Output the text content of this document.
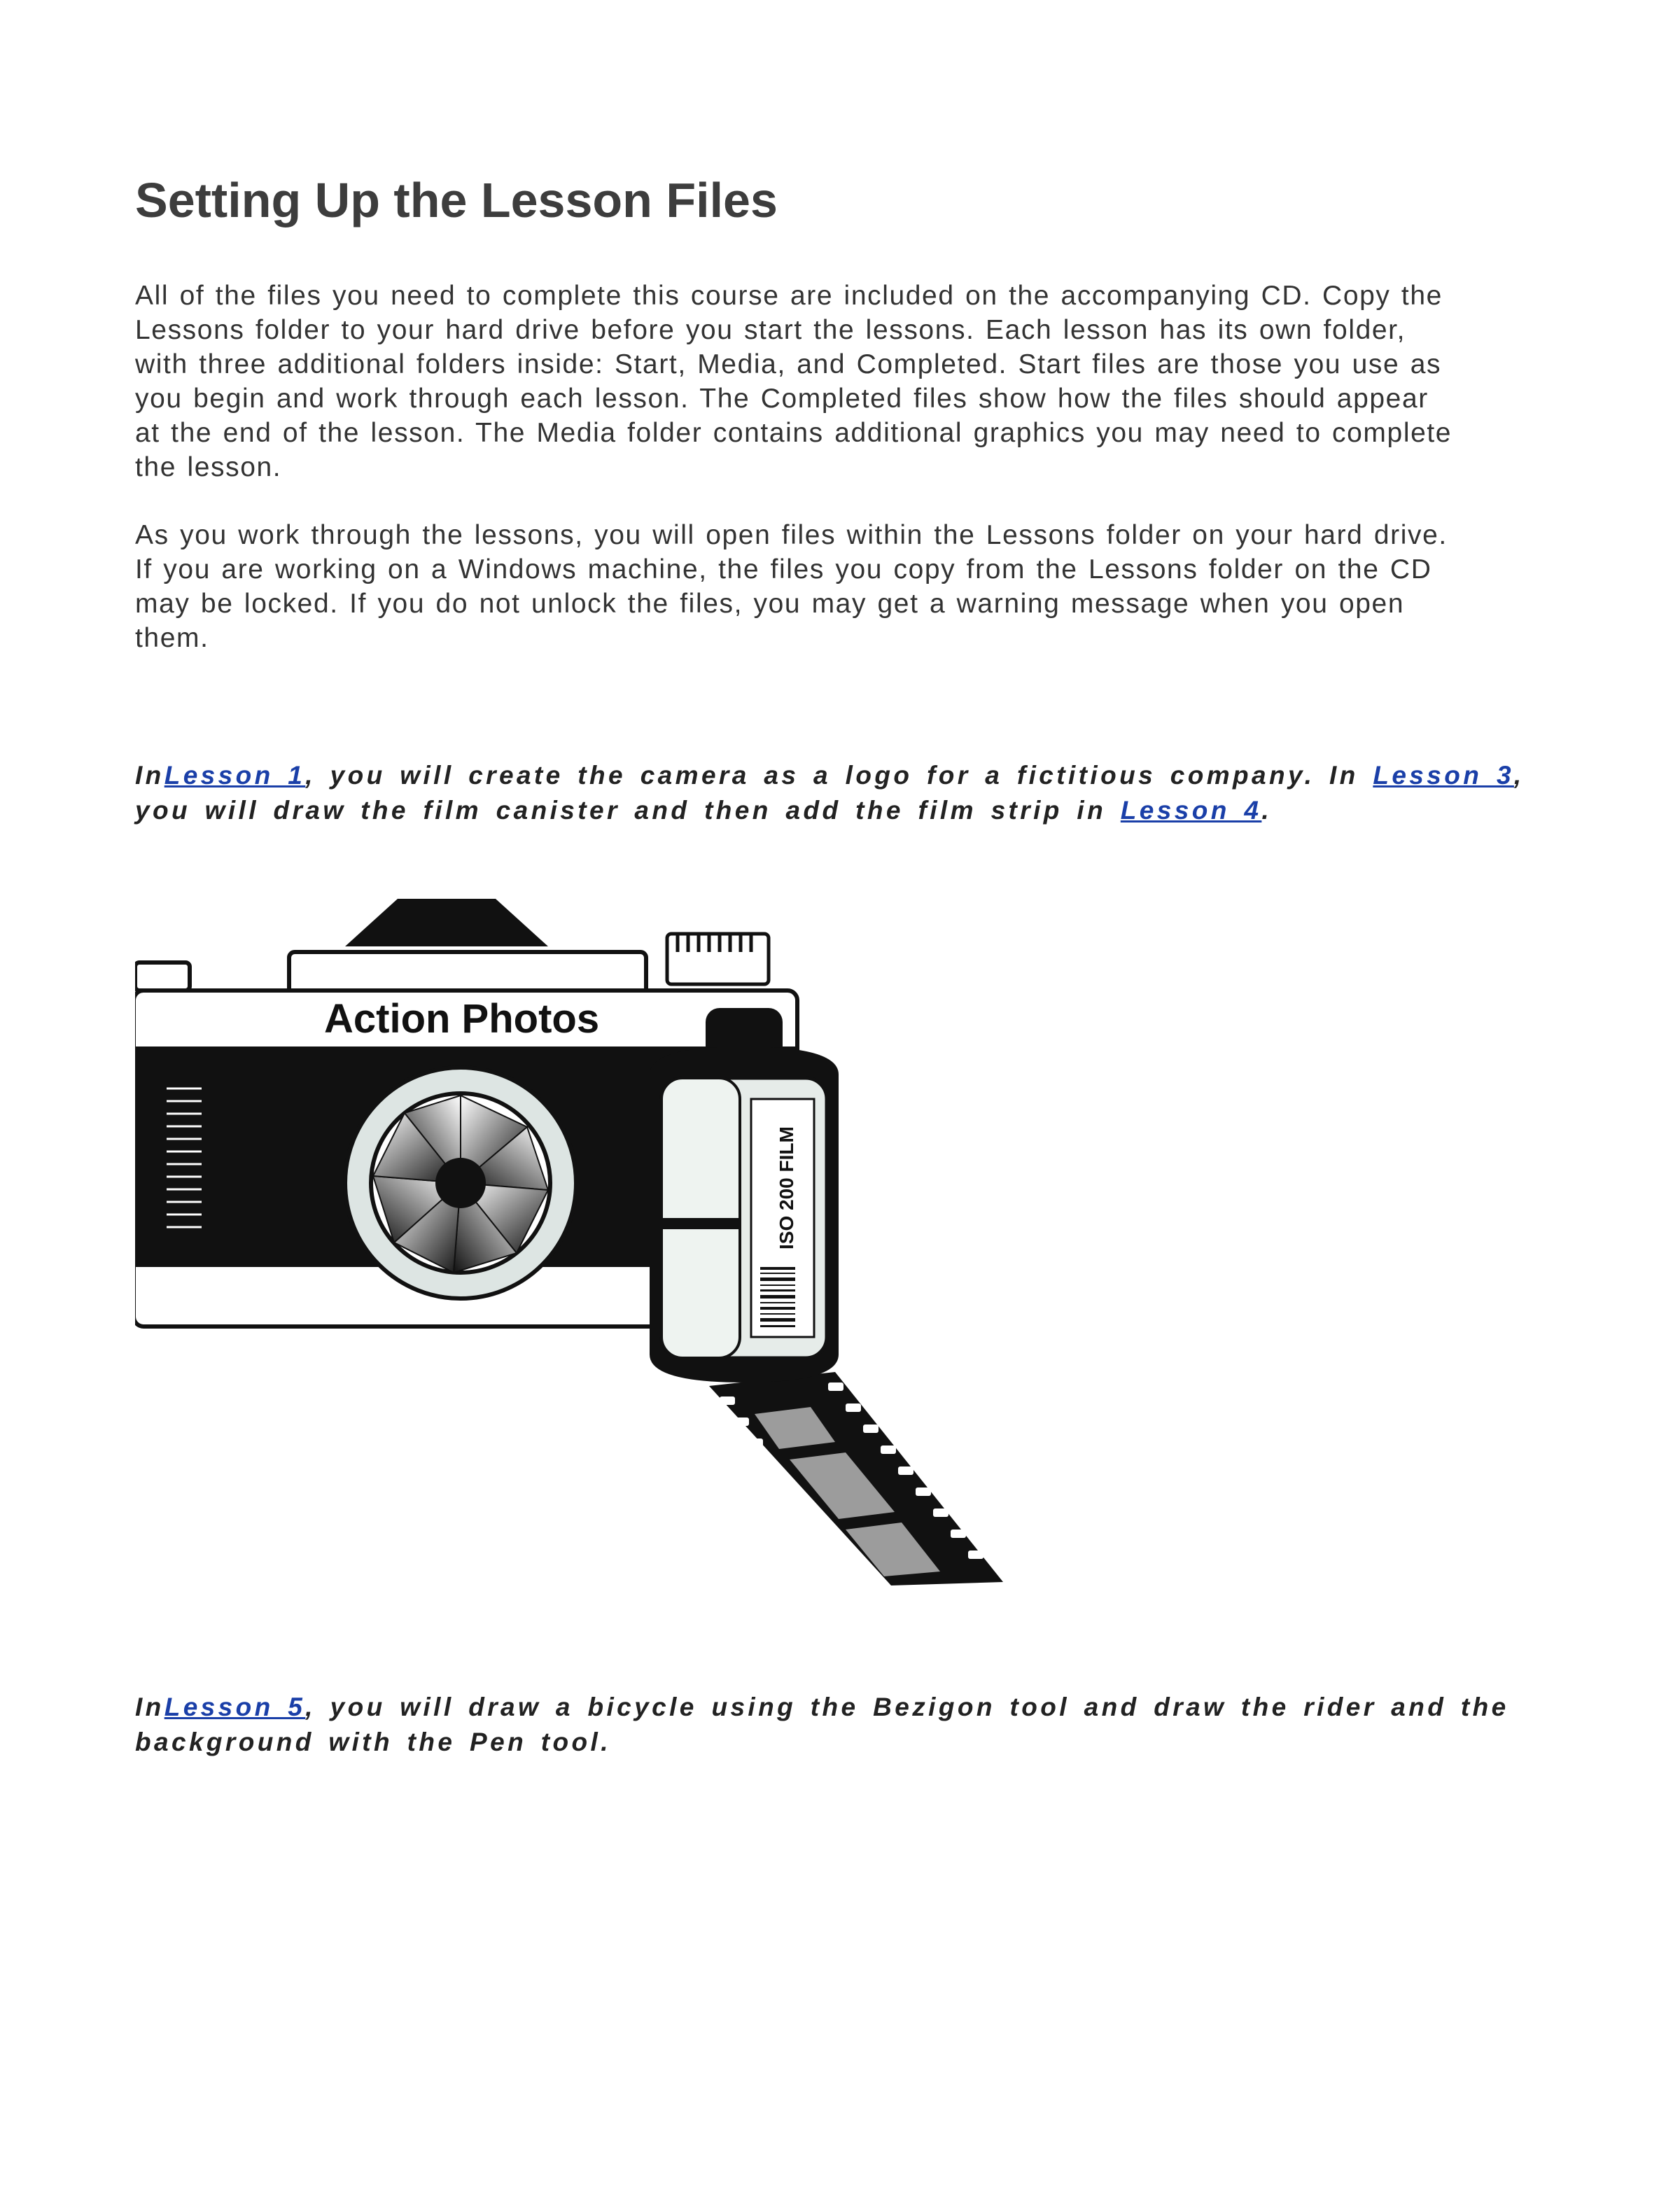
Setting Up the Lesson Files

All of the files you need to complete this course are included on the accompanying CD. Copy the
Lessons folder to your hard drive before you start the lessons. Each lesson has its own folder,
with three additional folders inside: Start, Media, and Completed. Start files are those you use as
you begin and work through each lesson. The Completed files show how the files should appear
at the end of the lesson. The Media folder contains additional graphics you may need to complete
the lesson.

As you work through the lessons, you will open files within the Lessons folder on your hard drive.
If you are working on a Windows machine, the files you copy from the Lessons folder on the CD
may be locked. If you do not unlock the files, you may get a warning message when you open
them.

InLesson 1, you will create the camera as a logo for a fictitious company. In Lesson 3,
you will draw the film canister and then add the film strip in Lesson 4.

Action Photos
ISO 200 FILM

InLesson 5, you will draw a bicycle using the Bezigon tool and draw the rider and the
background with the Pen tool.
